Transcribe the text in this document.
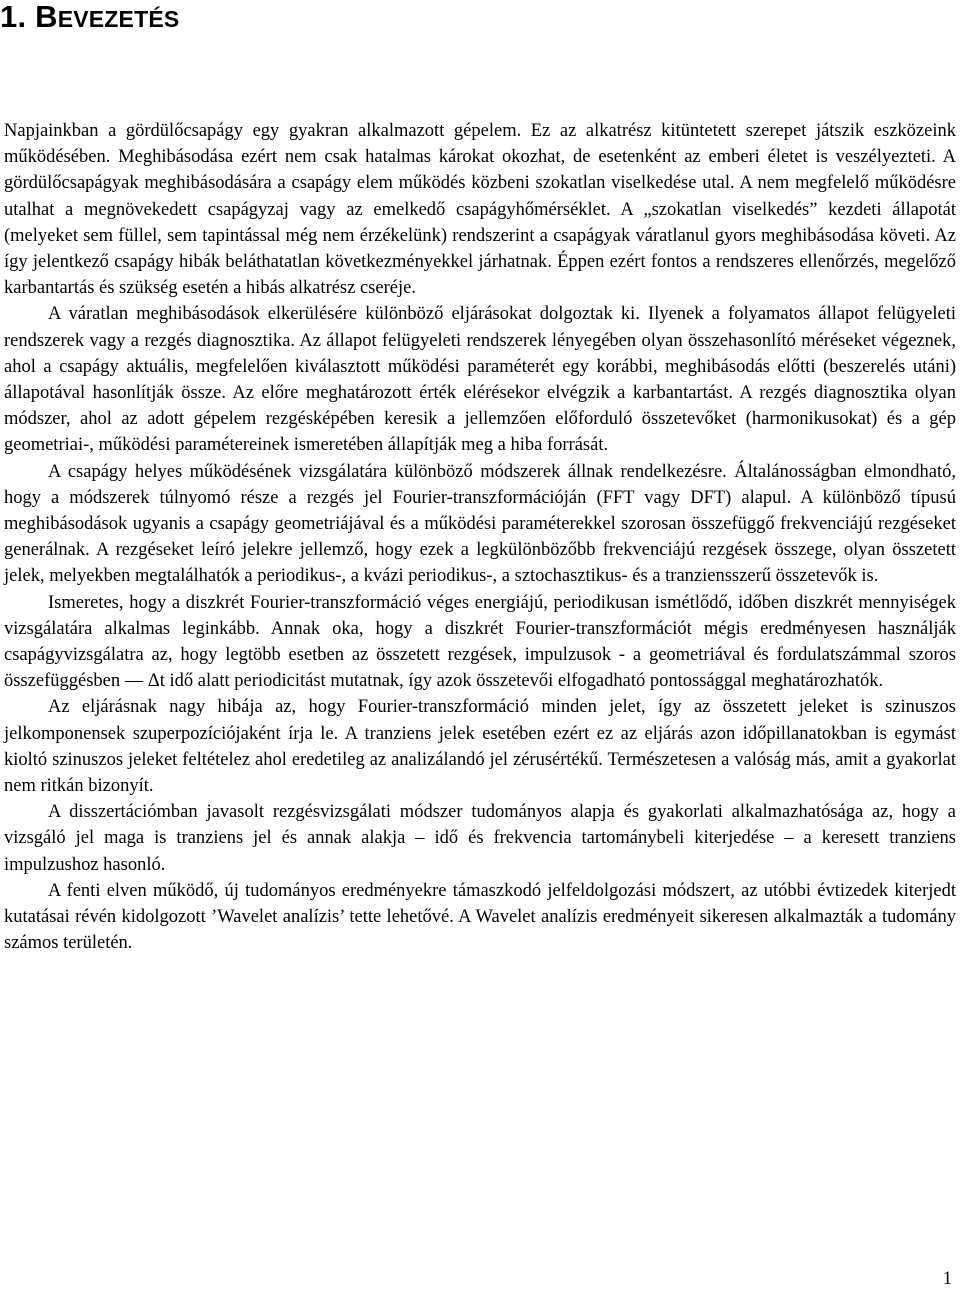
1. BEVEZETÉS

Napjainkban a gördülőcsapágy egy gyakran alkalmazott gépelem. Ez az alkatrész kitüntetett szerepet játszik eszközeink működésében. Meghibásodása ezért nem csak hatalmas károkat okozhat, de esetenként az emberi életet is veszélyezteti. A gördülőcsapágyak meghibásodására a csapágy elem működés közbeni szokatlan viselkedése utal. A nem megfelelő működésre utalhat a megnövekedett csapágyzaj vagy az emelkedő csapágyhőmérséklet. A „szokatlan viselkedés” kezdeti állapotát (melyeket sem füllel, sem tapintással még nem érzékelünk) rendszerint a csapágyak váratlanul gyors meghibásodása követi. Az így jelentkező csapágy hibák beláthatatlan következményekkel járhatnak. Éppen ezért fontos a rendszeres ellenőrzés, megelőző karbantartás és szükség esetén a hibás alkatrész cseréje.

A váratlan meghibásodások elkerülésére különböző eljárásokat dolgoztak ki. Ilyenek a folyamatos állapot felügyeleti rendszerek vagy a rezgés diagnosztika. Az állapot felügyeleti rendszerek lényegében olyan összehasonlító méréseket végeznek, ahol a csapágy aktuális, megfelelően kiválasztott működési paraméterét egy korábbi, meghibásodás előtti (beszerelés utáni) állapotával hasonlítják össze. Az előre meghatározott érték elérésekor elvégzik a karbantartást. A rezgés diagnosztika olyan módszer, ahol az adott gépelem rezgésképében keresik a jellemzően előforduló összetevőket (harmonikusokat) és a gép geometriai-, működési paramétereinek ismeretében állapítják meg a hiba forrását.

A csapágy helyes működésének vizsgálatára különböző módszerek állnak rendelkezésre. Általánosságban elmondható, hogy a módszerek túlnyomó része a rezgés jel Fourier-transzformációján (FFT vagy DFT) alapul. A különböző típusú meghibásodások ugyanis a csapágy geometriájával és a működési paraméterekkel szorosan összefüggő frekvenciájú rezgéseket generálnak. A rezgéseket leíró jelekre jellemző, hogy ezek a legkülönbözőbb frekvenciájú rezgések összege, olyan összetett jelek, melyekben megtalálhatók a periodikus-, a kvázi periodikus-, a sztochasztikus- és a tranziensszerű összetevők is.

Ismeretes, hogy a diszkrét Fourier-transzformáció véges energiájú, periodikusan ismétlődő, időben diszkrét mennyiségek vizsgálatára alkalmas leginkább. Annak oka, hogy a diszkrét Fourier-transzformációt mégis eredményesen használják csapágyvizsgálatra az, hogy legtöbb esetben az összetett rezgések, impulzusok - a geometriával és fordulatszámmal szoros összefüggésben — Δt idő alatt periodicitást mutatnak, így azok összetevői elfogadható pontossággal meghatározhatók.

Az eljárásnak nagy hibája az, hogy Fourier-transzformáció minden jelet, így az összetett jeleket is szinuszos jelkomponensek szuperpozíciójaként írja le. A tranziens jelek esetében ezért ez az eljárás azon időpillanatokban is egymást kioltó szinuszos jeleket feltételez ahol eredetileg az analizálandó jel zérusértékű. Természetesen a valóság más, amit a gyakorlat nem ritkán bizonyít.

A disszertációmban javasolt rezgésvizsgálati módszer tudományos alapja és gyakorlati alkalmazhatósága az, hogy a vizsgáló jel maga is tranziens jel és annak alakja – idő és frekvencia tartománybeli kiterjedése – a keresett tranziens impulzushoz hasonló.

A fenti elven működő, új tudományos eredményekre támaszkodó jelfeldolgozási módszert, az utóbbi évtizedek kiterjedt kutatásai révén kidolgozott ’Wavelet analízis’ tette lehetővé. A Wavelet analízis eredményeit sikeresen alkalmazták a tudomány számos területén.

1
